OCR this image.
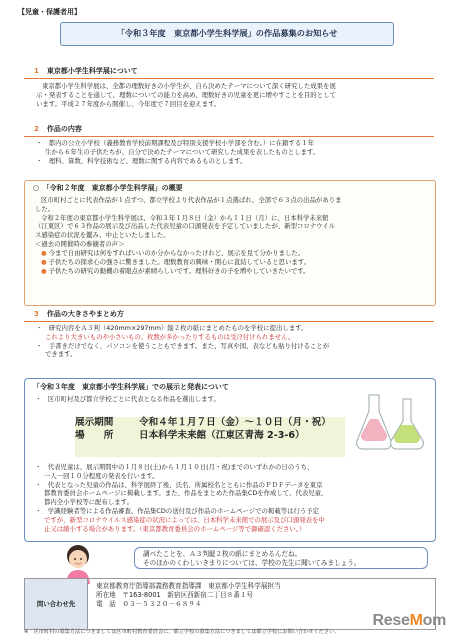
【児童・保護者用】
「令和３年度　東京都小学生科学展」の作品募集のお知らせ
1 東京都小学生科学展について

東京都小学生科学展は、全都の理数好きの小学生が、自ら決めたテーマについて深く研究した成果を展

示・発表することを通して、理数についての能力を高め、理数好きの児童を更に増やすことを目的として

います。平成２７年度から開催し、今年度で７回目を迎えます。

2 作品の内容

・　都内の公立小学校（義務教育学校前期課程及び特別支援学校小学部を含む。）に在籍する１年

生から６年生の子供たちが、自分で決めたテーマについて研究した成果を表したものとします。

・　理科、算数、科学技術など、理数に関する内容であるものとします。

○　「令和２年度　東京都小学生科学展」の概要

区市町村ごとに代表作品が１点ずつ、都立学校より代表作品が１点選ばれ、全部で６３点の出品がありま

した。

令和２年度の東京都小学生科学展は、令和３年１月８日（金）から１１日（月）に、日本科学未来館

（江東区）で６３作品の展示及び出品した代表児童の口頭発表を予定していましたが、新型コロナウイル

ス感染症の状況を鑑み、中止といたしました。

＜過去の開催時の参観者の声＞

● 今まで自由研究は何をすればいいのか分からなかったけれど、展示を見て分かりました。

● 子供たちの探求心の強さに驚きました。理数教育の興味・関心に直結していると思います。

● 子供たちの研究の動機の着眼点が素晴らしいです。理科好きの子を増やしていきたいです。

3 作品の大きさやまとめ方

・　研究内容をＡ３判（420mm×297mm）縦２枚の紙にまとめたものを学校に提出します。

これより大きいものや小さいもの、枚数が多かったりするものは受け付けられません。

・　手書きだけでなく、パソコンを使うこともできます。また、写真や図、表なども貼り付けることが

できます。

「令和３年度　東京都小学生科学展」での展示と発表について

・　区市町村及び都立学校ごとに代表となる作品を選出します。

展示期間	令和４年１月７日（金）～１０日（月・祝）
場　　所	日本科学未来館（江東区青海 2-3-6）

・　代表児童は、展示期間中の１月８日(土)から１月１０日(月・祝)までのいずれかの日のうち、

一人一回１０分程度の発表を行います。

・　代表となった児童の作品は、科学展終了後、氏名、所属校名とともに作品のＰＤＦデータを東京

都教育委員会ホームページに掲載します。また、作品をまとめた作品集CDを作成して、代表児童、

都内全小学校等に配布します。

・　学識経験者等による作品審査、作品集CDの送付及び作品のホームページでの掲載等は行う予定

ですが、新型コロナウイルス感染症の状況によっては、日本科学未来館での展示及び口頭発表を中

止又は縮小する場合があります。（東京都教育委員会のホームページ等で御確認ください。）

調べたことを、Ａ３判縦２枚の紙にまとめるんだね。
そのほかのくわしいきまりについては、学校の先生に聞いてみましょう。
問い合わせ先
東京都教育庁指導部義務教育指導課　東京都小学生科学展担当
所在地　〒163-8001　新宿区西新宿二丁目８番１号
電　話　０３－５３２０－６８９４
※　区市町村の募集方法につきましては区市町村教育委員会に、都立学校の募集方法につきましては都立学校にお問い合わせください。
ReseMom
